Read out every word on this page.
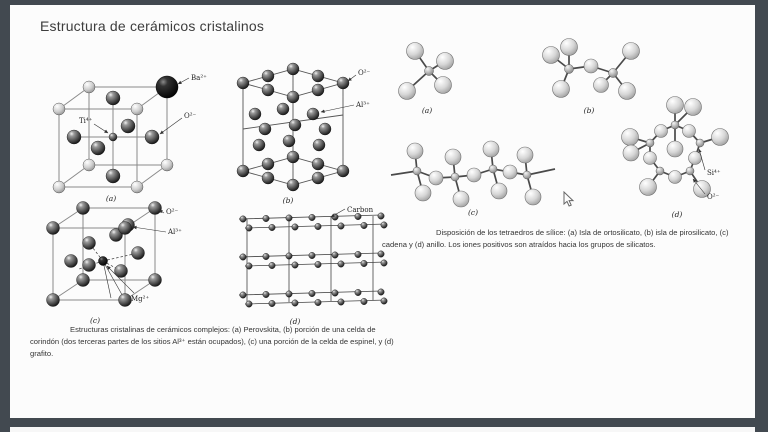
Estructura de cerámicos cristalinos
Ba²⁺
O²⁻
Ti⁴⁺
(a)
O²⁻
Al³⁺
(b)
O²⁻
Al³⁺
Mg²⁺
(c)
Carbon
(d)
Estructuras cristalinas de cerámicos complejos: (a) Perovskita, (b) porción de una celda de corindón (dos terceras partes de los sitios Al³⁺ están ocupados), (c) una porción de la celda de espinel, y (d) grafito.
(a)	(b)
(c)
Si⁴⁺
O²⁻
(d)
Disposición de los tetraedros de sílice: (a) Isla de ortosilicato, (b) isla de pirosilicato, (c) cadena y (d) anillo. Los iones positivos son atraídos hacia los grupos de silicatos.
